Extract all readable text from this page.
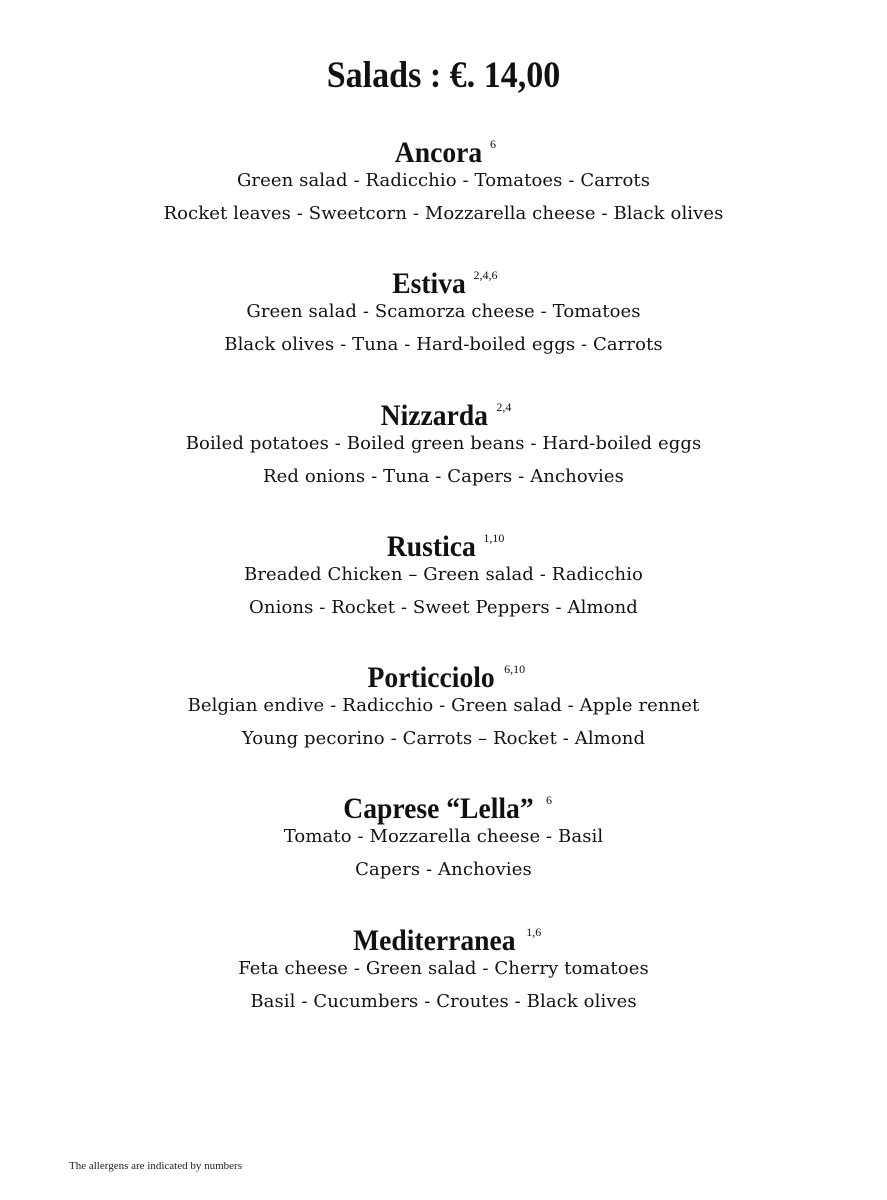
Salads : €. 14,00
Ancora $^6$
Green salad - Radicchio - Tomatoes - Carrots
Rocket leaves - Sweetcorn - Mozzarella cheese - Black olives
Estiva $^{2,4,6}$
Green salad - Scamorza cheese - Tomatoes
Black olives - Tuna - Hard-boiled eggs - Carrots
Nizzarda $^{2,4}$
Boiled potatoes - Boiled green beans - Hard-boiled eggs
Red onions - Tuna - Capers - Anchovies
Rustica $^{1,10}$
Breaded Chicken – Green salad - Radicchio
Onions - Rocket - Sweet Peppers - Almond
Porticciolo $^{6,10}$
Belgian endive - Radicchio - Green salad - Apple rennet
Young pecorino - Carrots – Rocket - Almond
Caprese “Lella” $^6$
Tomato - Mozzarella cheese - Basil
Capers - Anchovies
Mediterranea $^{1,6}$
Feta cheese - Green salad - Cherry tomatoes
Basil - Cucumbers - Croutes - Black olives
The allergens are indicated by numbers
